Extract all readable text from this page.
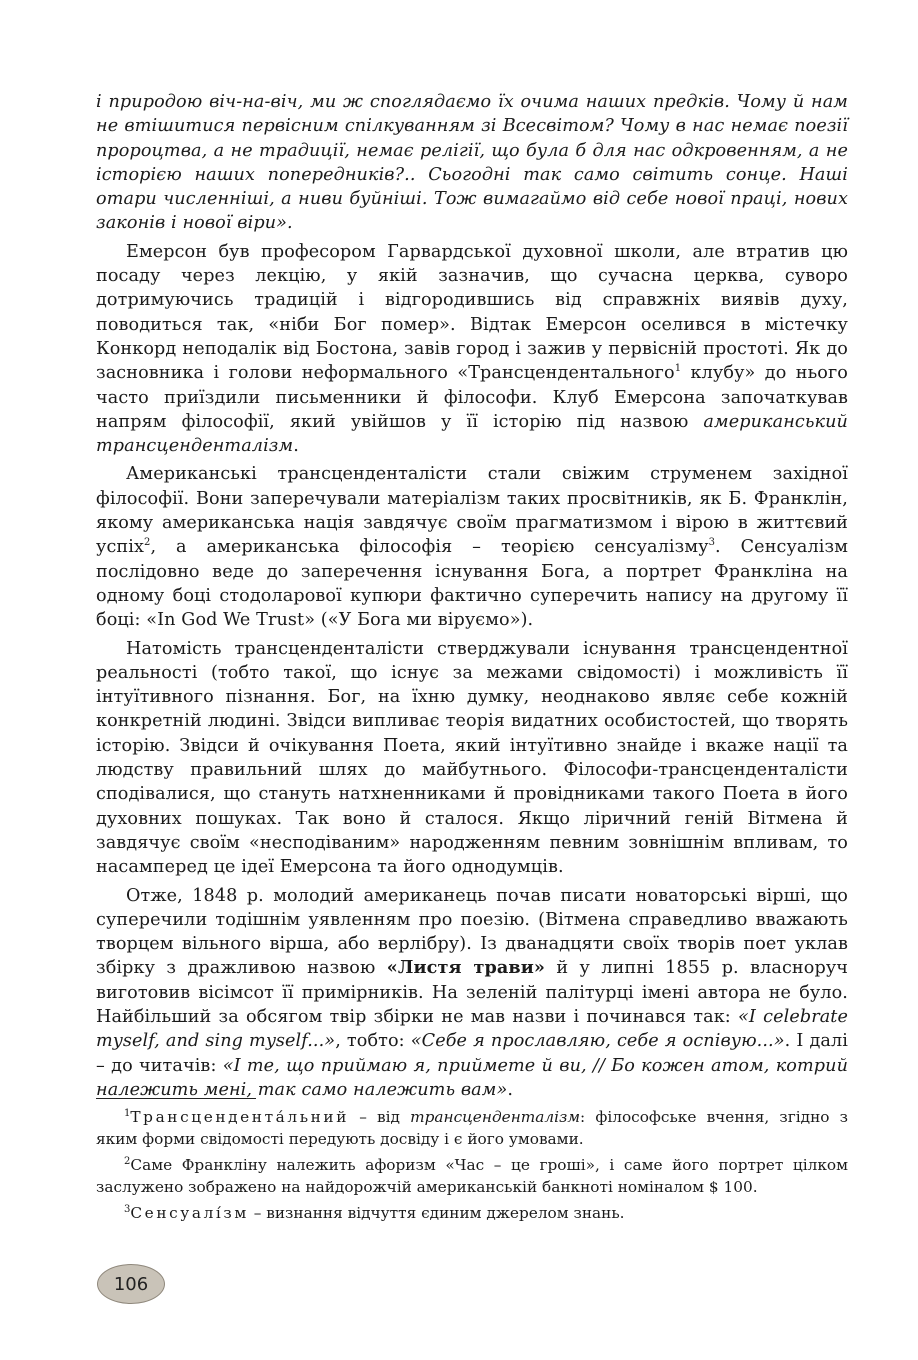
і природою віч-на-віч, ми ж споглядаємо їх очима наших предків. Чому й нам не втішитися первісним спілкуванням зі Всесвітом? Чому в нас немає поезії пророцтва, а не традиції, немає релігії, що була б для нас одкровенням, а не історією наших попередників?.. Сьогодні так само світить сонце. Наші отари численніші, а ниви буйніші. Тож вимагаймо від себе нової праці, нових законів і нової віри».

Емерсон був професором Гарвардської духовної школи, але втратив цю посаду через лекцію, у якій зазначив, що сучасна церква, суворо дотримуючись традицій і відгородившись від справжніх виявів духу, поводиться так, «ніби Бог помер». Відтак Емерсон оселився в містечку Конкорд неподалік від Бостона, завів город і зажив у первісній простоті. Як до засновника і голови неформального «Трансцендентального$^1$ клубу» до нього часто приїздили письменники й філософи. Клуб Емерсона започаткував напрям філософії, який увійшов у її історію під назвою американський трансценденталізм.

Американські трансценденталісти стали свіжим струменем західної філософії. Вони заперечували матеріалізм таких просвітників, як Б. Франклін, якому американська нація завдячує своїм прагматизмом і вірою в життєвий успіх$^2$, а американська філософія – теорією сенсуалізму$^3$. Сенсуалізм послідовно веде до заперечення існування Бога, а портрет Франкліна на одному боці стодоларової купюри фактично суперечить напису на другому її боці: «In God We Trust» («У Бога ми віруємо»).

Натомість трансценденталісти стверджували існування трансцендентної реальності (тобто такої, що існує за межами свідомості) і можливість її інтуїтивного пізнання. Бог, на їхню думку, неоднаково являє себе кожній конкретній людині. Звідси випливає теорія видатних особистостей, що творять історію. Звідси й очікування Поета, який інтуїтивно знайде і вкаже нації та людству правильний шлях до майбутнього. Філософи-трансценденталісти сподівалися, що стануть натхненниками й провідниками такого Поета в його духовних пошуках. Так воно й сталося. Якщо ліричний геній Вітмена й завдячує своїм «несподіваним» народженням певним зовнішнім впливам, то насамперед це ідеї Емерсона та його однодумців.

Отже, 1848 р. молодий американець почав писати новаторські вірші, що суперечили тодішнім уявленням про поезію. (Вітмена справедливо вважають творцем вільного вірша, або верлібру). Із дванадцяти своїх творів поет уклав збірку з дражливою назвою «Листя трави» й у липні 1855 р. власноруч виготовив вісімсот її примірників. На зеленій палітурці імені автора не було. Найбільший за обсягом твір збірки не мав назви і починався так: «I celebrate myself, and sing myself...», тобто: «Себе я прославляю, себе я оспівую...». І далі – до читачів: «І те, що приймаю я, приймете й ви, // Бо кожен атом, котрий належить мені, так само належить вам».

$^1$Трансцендента́льний – від трансценденталізм: філософське вчення, згідно з яким форми свідомості передують досвіду і є його умовами.

$^2$Саме Франкліну належить афоризм «Час – це гроші», і саме його портрет цілком заслужено зображено на найдорожчій американській банкноті номіналом $ 100.

$^3$Сенсуалі́зм – визнання відчуття єдиним джерелом знань.

106
